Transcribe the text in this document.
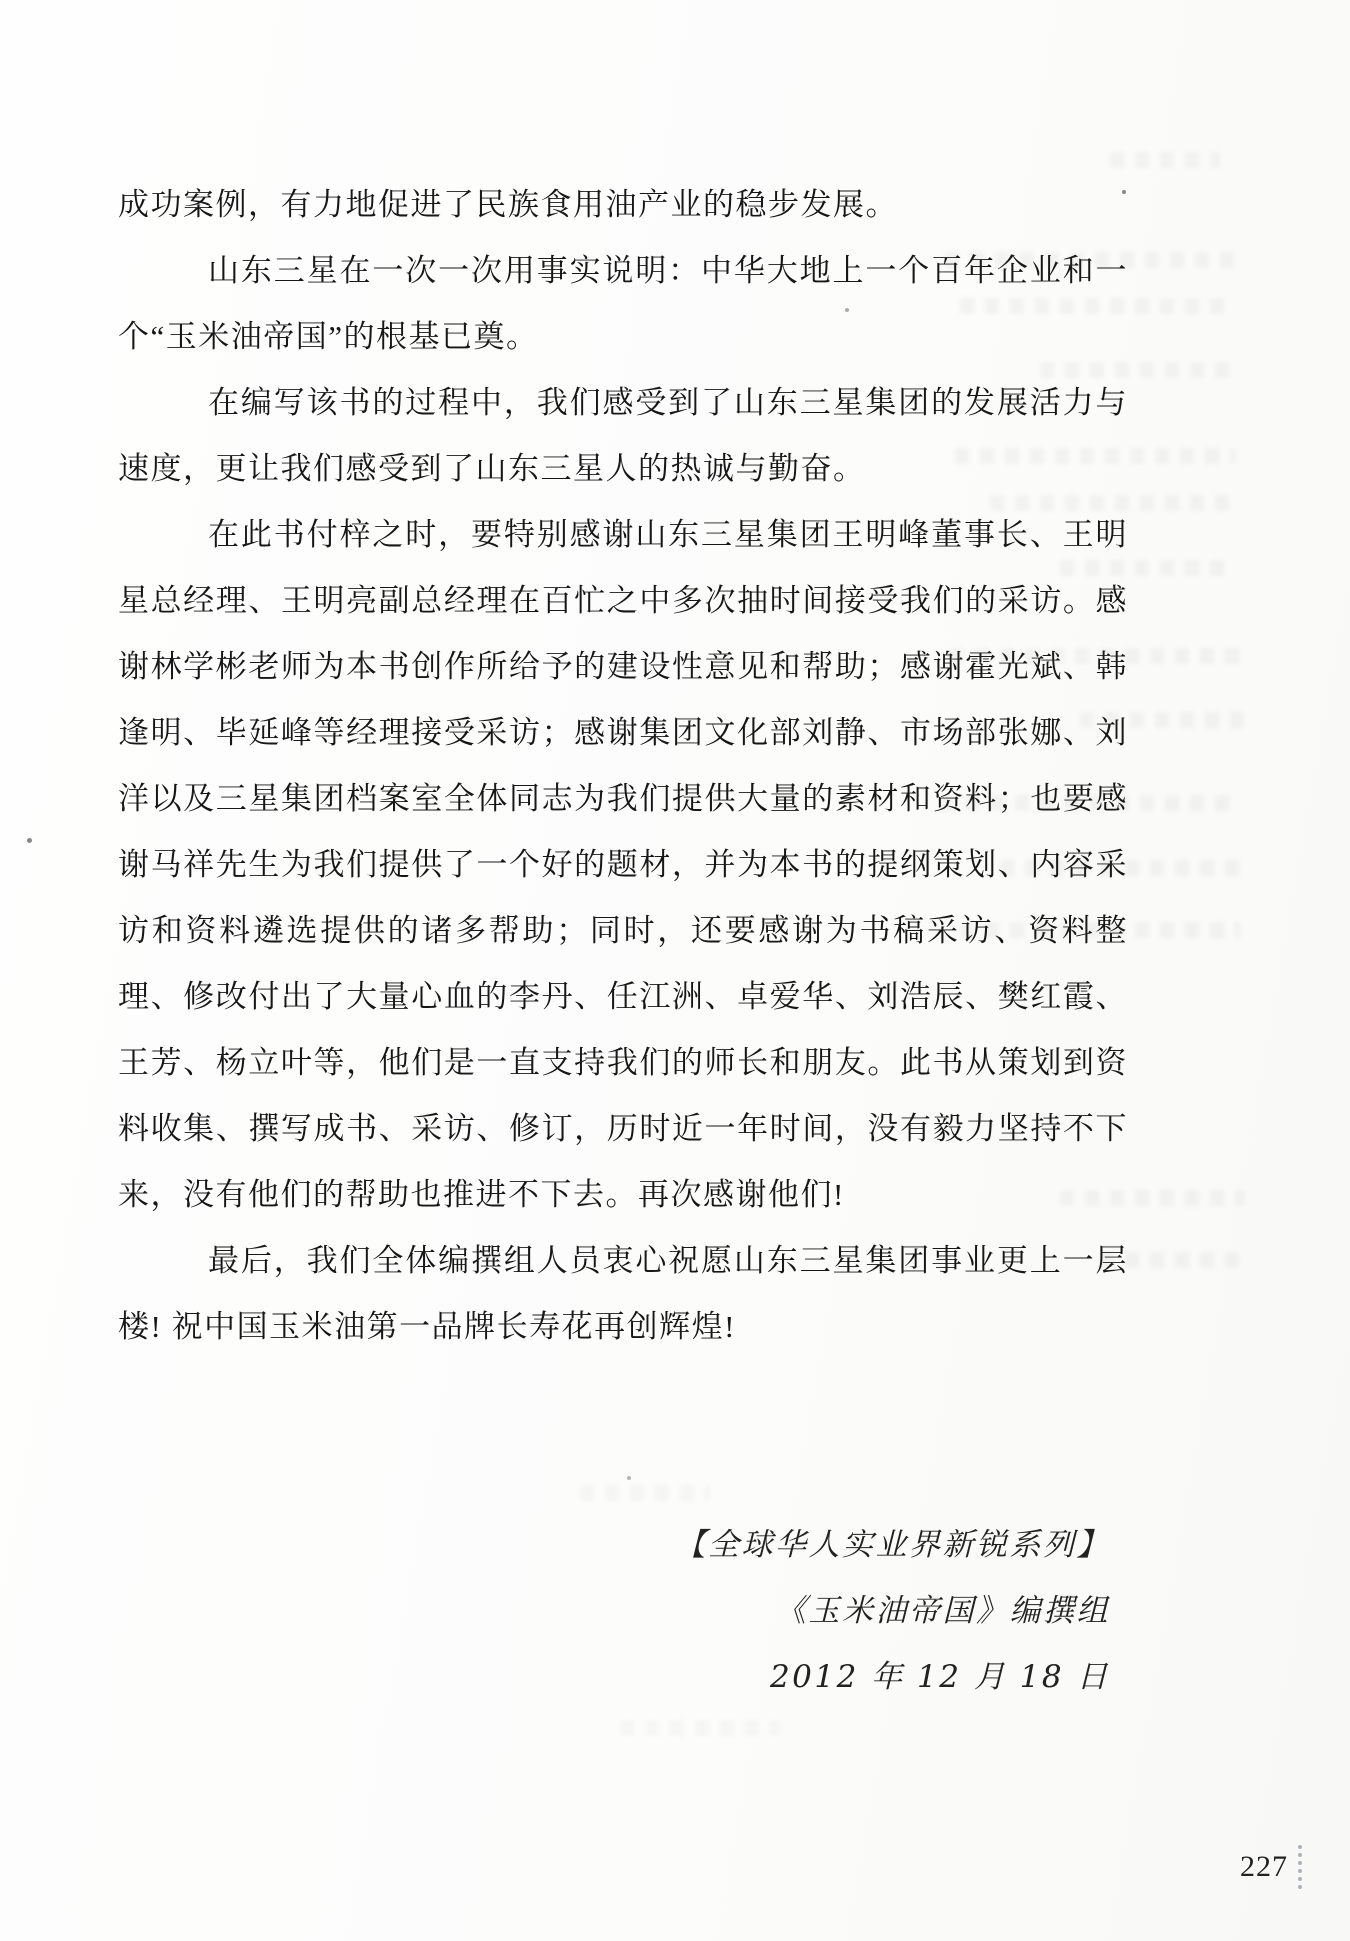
成功案例，有力地促进了民族食用油产业的稳步发展。

山东三星在一次一次用事实说明：中华大地上一个百年企业和一个“玉米油帝国”的根基已奠。

在编写该书的过程中，我们感受到了山东三星集团的发展活力与速度，更让我们感受到了山东三星人的热诚与勤奋。

在此书付梓之时，要特别感谢山东三星集团王明峰董事长、王明星总经理、王明亮副总经理在百忙之中多次抽时间接受我们的采访。感谢林学彬老师为本书创作所给予的建设性意见和帮助；感谢霍光斌、韩逢明、毕延峰等经理接受采访；感谢集团文化部刘静、市场部张娜、刘洋以及三星集团档案室全体同志为我们提供大量的素材和资料；也要感谢马祥先生为我们提供了一个好的题材，并为本书的提纲策划、内容采访和资料遴选提供的诸多帮助；同时，还要感谢为书稿采访、资料整理、修改付出了大量心血的李丹、任江洲、卓爱华、刘浩辰、樊红霞、王芳、杨立叶等，他们是一直支持我们的师长和朋友。此书从策划到资料收集、撰写成书、采访、修订，历时近一年时间，没有毅力坚持不下来，没有他们的帮助也推进不下去。再次感谢他们!

最后，我们全体编撰组人员衷心祝愿山东三星集团事业更上一层楼! 祝中国玉米油第一品牌长寿花再创辉煌!

【全球华人实业界新锐系列】

《玉米油帝国》编撰组

2012 年 12 月 18 日

227
